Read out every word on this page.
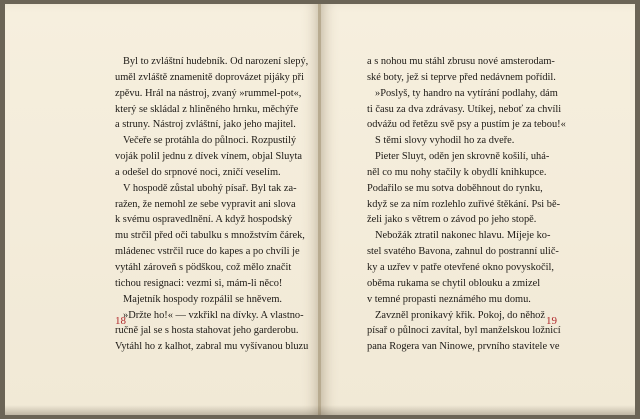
Byl to zvláštní hudebník. Od narození slepý,
uměl zvláště znamenitě doprovázet pijáky při
zpěvu. Hrál na nástroj, zvaný »rummel-pot«,
který se skládal z hliněného hrnku, měchýře
a struny. Nástroj zvláštní, jako jeho majitel.
Večeře se protáhla do půlnoci. Rozpustilý
voják polil jednu z dívek vínem, objal Sluyta
a odešel do srpnové noci, zničí veselím.
V hospodě zůstal ubohý písař. Byl tak za-
ražen, že nemohl ze sebe vypravit ani slova
k svému ospravedlnění. A když hospodský
mu strčil před oči tabulku s množstvím čárek,
mládenec vstrčil ruce do kapes a po chvíli je
vytáhl zároveň s pödškou, což mělo značit
tichou resignaci: vezmi si, mám-li něco!
Majetník hospody rozpálil se hněvem.
»Držte ho!« — vzkřikl na dívky. A vlastno-
ručně jal se s hosta stahovat jeho garderobu.
Vytáhl ho z kalhot, zabral mu vyšívanou bluzu
18
a s nohou mu stáhl zbrusu nové amsterodam-
ské boty, jež si teprve před nedávnem pořídil.
»Poslyš, ty handro na vytírání podlahy, dám
ti času za dva zdrávasy. Utíkej, neboť za chvíli
odvážu od řetězu svě psy a pustím je za tebou!«
S těmi slovy vyhodil ho za dveře.
Pieter Sluyt, oděn jen skrovně košilí, uhá-
něl co mu nohy stačily k obydlí knihkupce.
Podařilo se mu sotva doběhnout do rynku,
když se za ním rozlehlo zuřivé štěkání. Psi bě-
želi jako s větrem o závod po jeho stopě.
Nebožák ztratil nakonec hlavu. Míjeje ko-
stel svatého Bavona, zahnul do postranní ulič-
ky a uzřev v patře otevřené okno povyskočil,
oběma rukama se chytil oblouku a zmizel
v temné propasti neznámého mu domu.
Zavzněl pronikavý křik. Pokoj, do něhož
písař o půlnoci zavítal, byl manželskou ložnicí
pana Rogera van Ninowe, prvního stavitele ve
19
